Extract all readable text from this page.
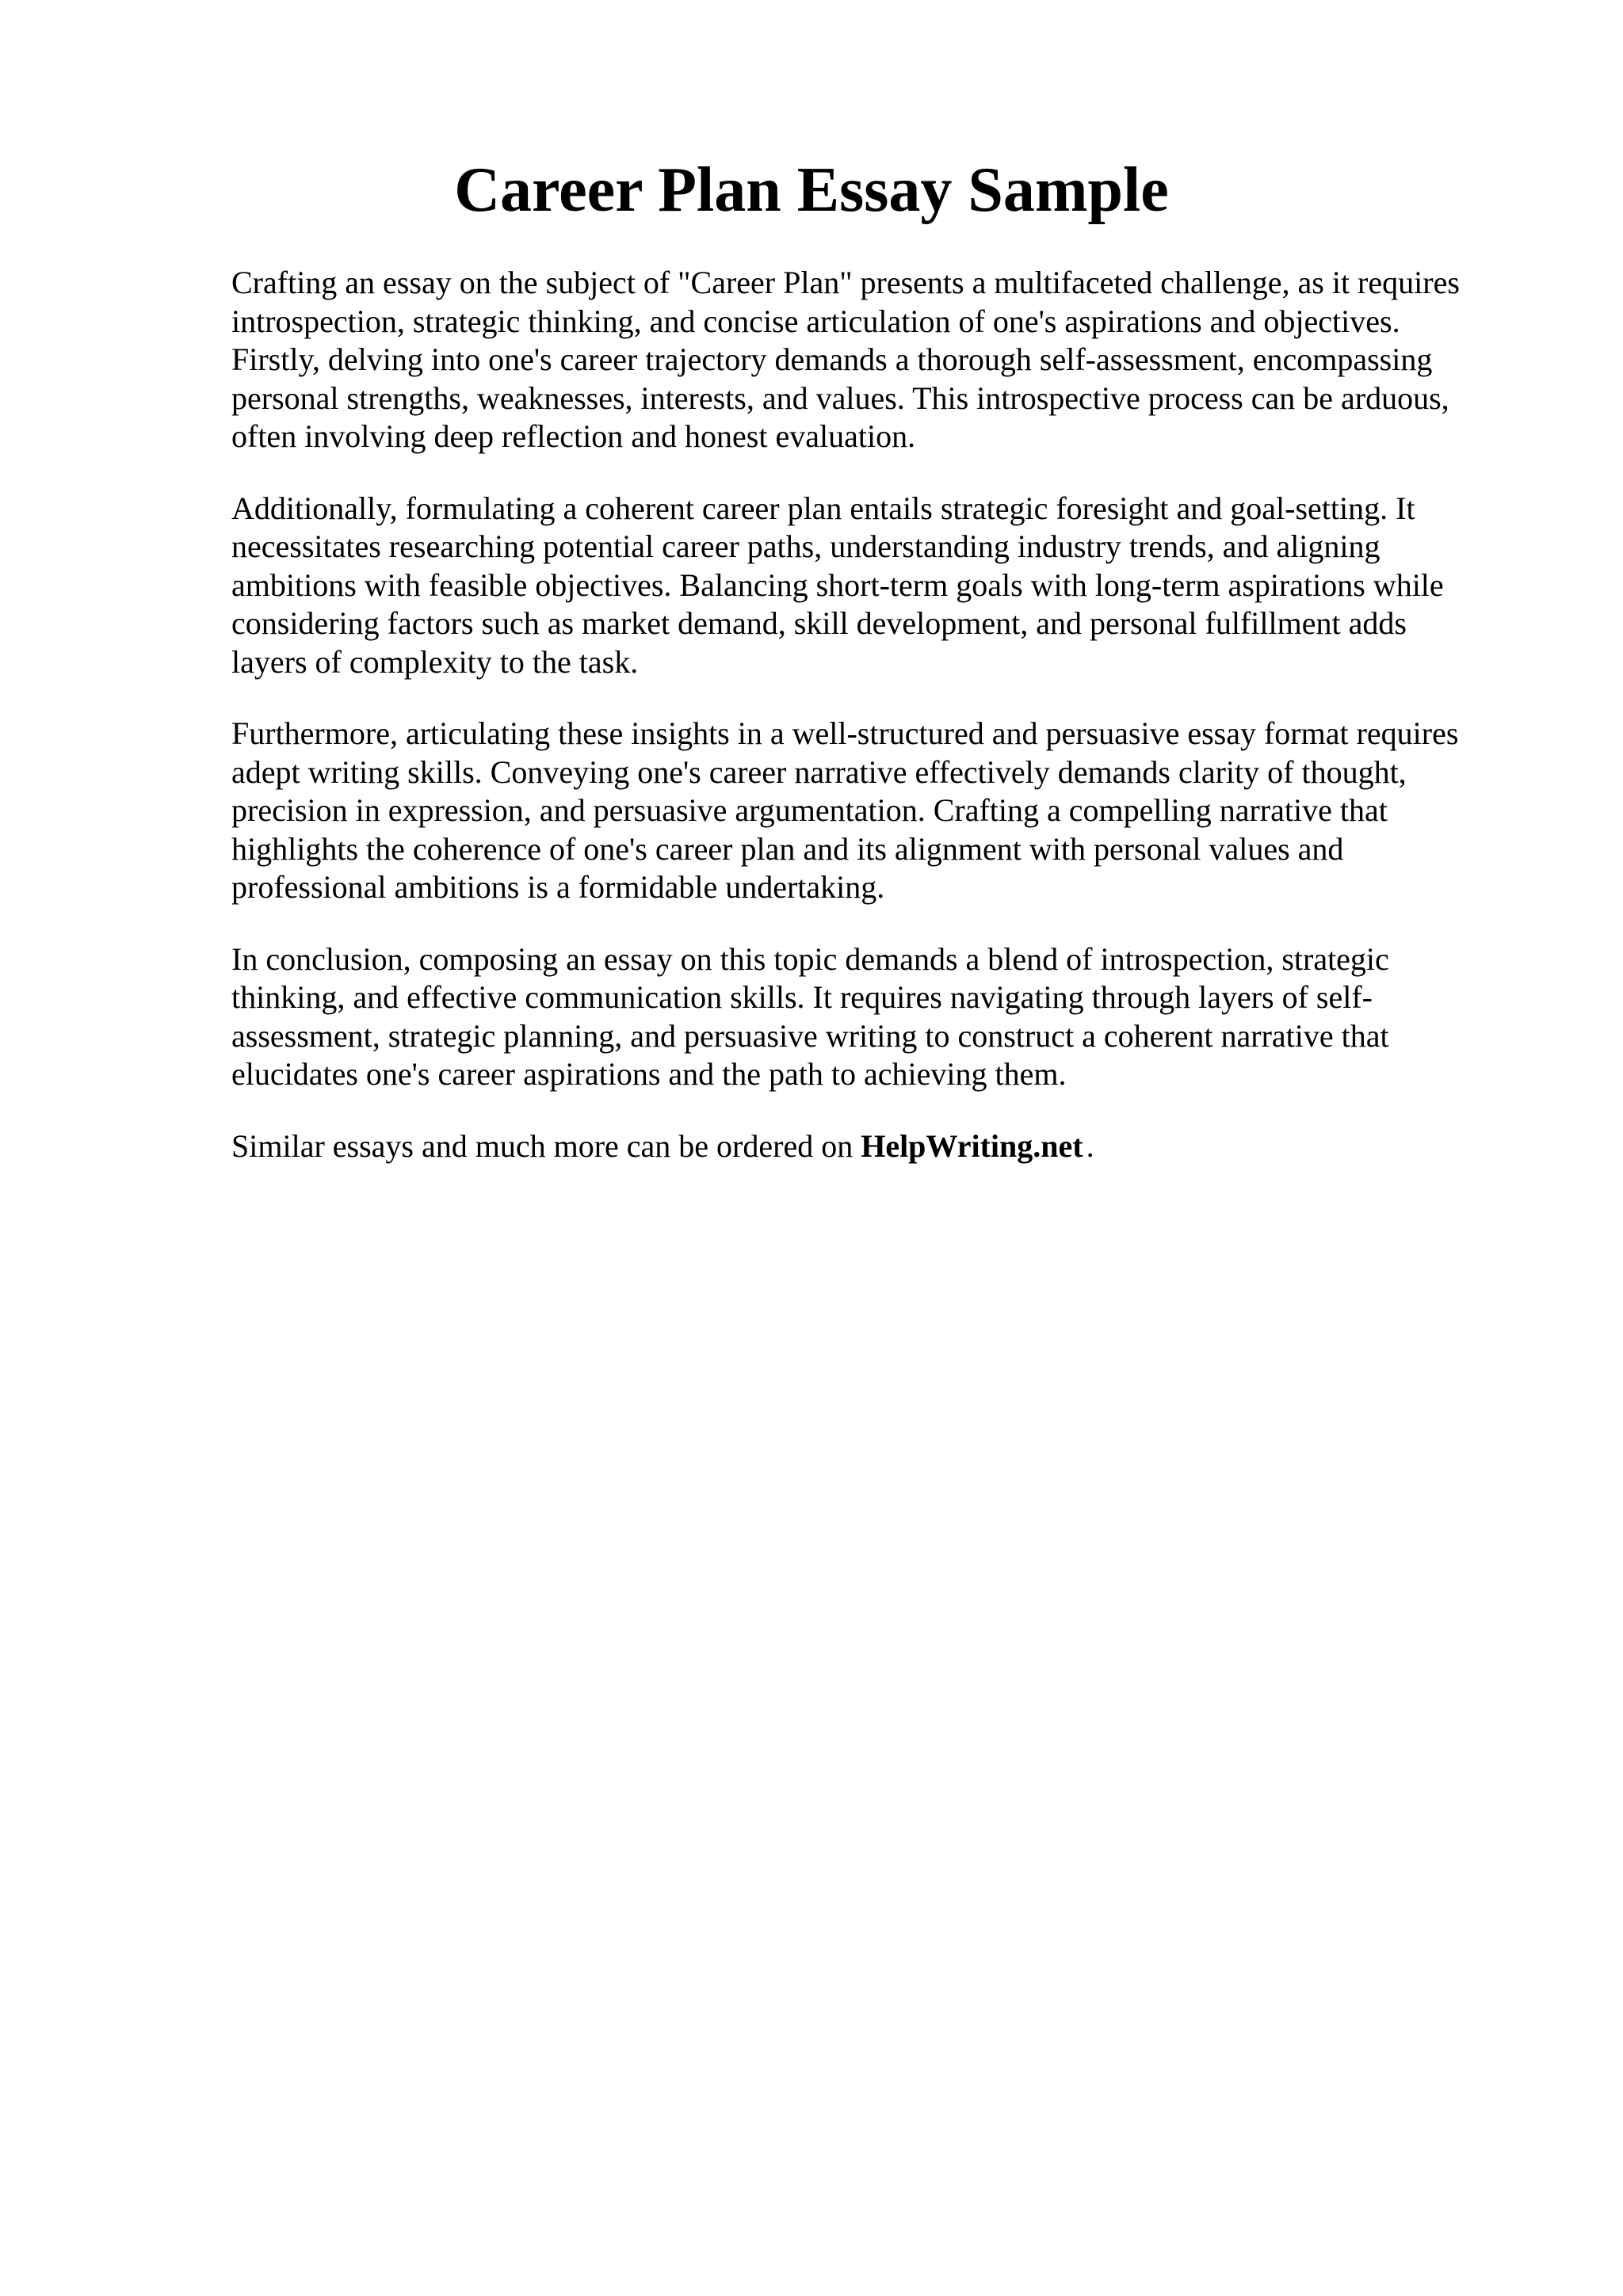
Career Plan Essay Sample

Crafting an essay on the subject of "Career Plan" presents a multifaceted challenge, as it requires
introspection, strategic thinking, and concise articulation of one's aspirations and objectives.
Firstly, delving into one's career trajectory demands a thorough self-assessment, encompassing
personal strengths, weaknesses, interests, and values. This introspective process can be arduous,
often involving deep reflection and honest evaluation.

Additionally, formulating a coherent career plan entails strategic foresight and goal-setting. It
necessitates researching potential career paths, understanding industry trends, and aligning
ambitions with feasible objectives. Balancing short-term goals with long-term aspirations while
considering factors such as market demand, skill development, and personal fulfillment adds
layers of complexity to the task.

Furthermore, articulating these insights in a well-structured and persuasive essay format requires
adept writing skills. Conveying one's career narrative effectively demands clarity of thought,
precision in expression, and persuasive argumentation. Crafting a compelling narrative that
highlights the coherence of one's career plan and its alignment with personal values and
professional ambitions is a formidable undertaking.

In conclusion, composing an essay on this topic demands a blend of introspection, strategic
thinking, and effective communication skills. It requires navigating through layers of self-
assessment, strategic planning, and persuasive writing to construct a coherent narrative that
elucidates one's career aspirations and the path to achieving them.

Similar essays and much more can be ordered on HelpWriting.net .
